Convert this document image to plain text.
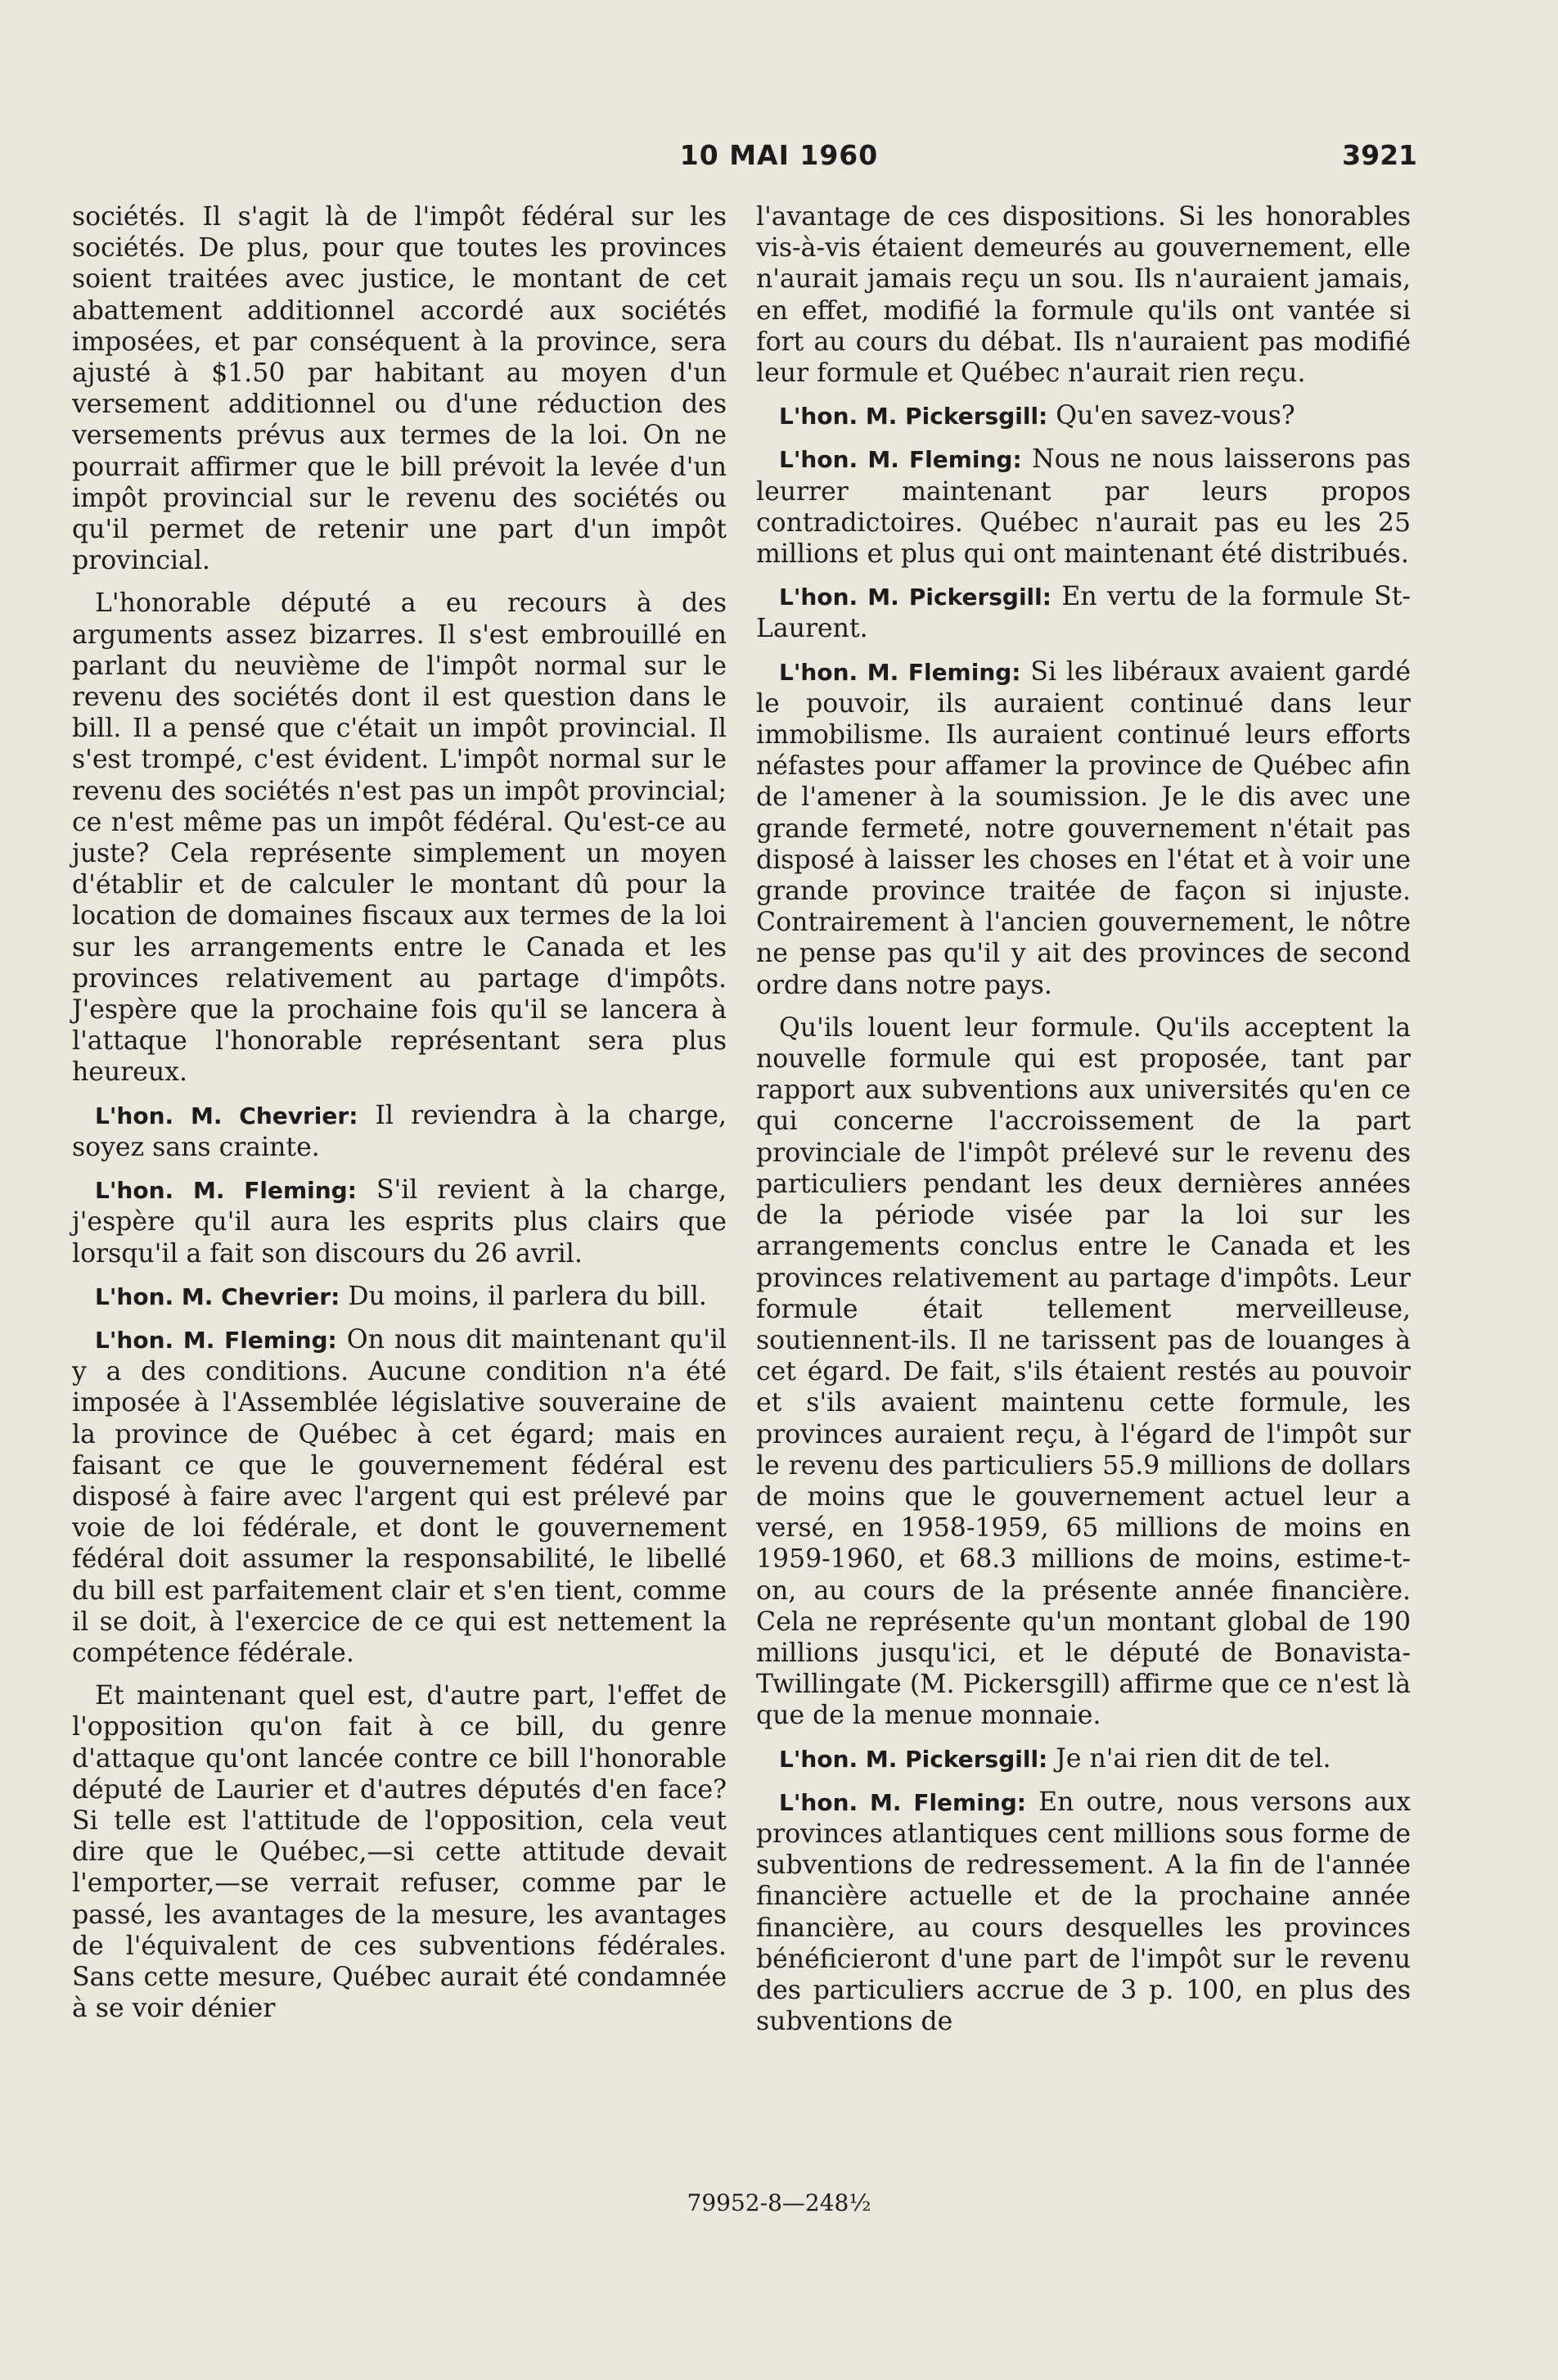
10 MAI 1960	3921

sociétés. Il s'agit là de l'impôt fédéral sur les sociétés. De plus, pour que toutes les provinces soient traitées avec justice, le montant de cet abattement additionnel accordé aux sociétés imposées, et par conséquent à la province, sera ajusté à $1.50 par habitant au moyen d'un versement additionnel ou d'une réduction des versements prévus aux termes de la loi. On ne pourrait affirmer que le bill prévoit la levée d'un impôt provincial sur le revenu des sociétés ou qu'il permet de retenir une part d'un impôt provincial.

L'honorable député a eu recours à des arguments assez bizarres. Il s'est embrouillé en parlant du neuvième de l'impôt normal sur le revenu des sociétés dont il est question dans le bill. Il a pensé que c'était un impôt provincial. Il s'est trompé, c'est évident. L'impôt normal sur le revenu des sociétés n'est pas un impôt provincial; ce n'est même pas un impôt fédéral. Qu'est-ce au juste? Cela représente simplement un moyen d'établir et de calculer le montant dû pour la location de domaines fiscaux aux termes de la loi sur les arrangements entre le Canada et les provinces relativement au partage d'impôts. J'espère que la prochaine fois qu'il se lancera à l'attaque l'honorable représentant sera plus heureux.

L'hon. M. Chevrier: Il reviendra à la charge, soyez sans crainte.

L'hon. M. Fleming: S'il revient à la charge, j'espère qu'il aura les esprits plus clairs que lorsqu'il a fait son discours du 26 avril.

L'hon. M. Chevrier: Du moins, il parlera du bill.

L'hon. M. Fleming: On nous dit maintenant qu'il y a des conditions. Aucune condition n'a été imposée à l'Assemblée législative souveraine de la province de Québec à cet égard; mais en faisant ce que le gouvernement fédéral est disposé à faire avec l'argent qui est prélevé par voie de loi fédérale, et dont le gouvernement fédéral doit assumer la responsabilité, le libellé du bill est parfaitement clair et s'en tient, comme il se doit, à l'exercice de ce qui est nettement la compétence fédérale.

Et maintenant quel est, d'autre part, l'effet de l'opposition qu'on fait à ce bill, du genre d'attaque qu'ont lancée contre ce bill l'honorable député de Laurier et d'autres députés d'en face? Si telle est l'attitude de l'opposition, cela veut dire que le Québec,—si cette attitude devait l'emporter,—se verrait refuser, comme par le passé, les avantages de la mesure, les avantages de l'équivalent de ces subventions fédérales. Sans cette mesure, Québec aurait été condamnée à se voir dénier

l'avantage de ces dispositions. Si les honorables vis-à-vis étaient demeurés au gouvernement, elle n'aurait jamais reçu un sou. Ils n'auraient jamais, en effet, modifié la formule qu'ils ont vantée si fort au cours du débat. Ils n'auraient pas modifié leur formule et Québec n'aurait rien reçu.

L'hon. M. Pickersgill: Qu'en savez-vous?

L'hon. M. Fleming: Nous ne nous laisserons pas leurrer maintenant par leurs propos contradictoires. Québec n'aurait pas eu les 25 millions et plus qui ont maintenant été distribués.

L'hon. M. Pickersgill: En vertu de la formule St-Laurent.

L'hon. M. Fleming: Si les libéraux avaient gardé le pouvoir, ils auraient continué dans leur immobilisme. Ils auraient continué leurs efforts néfastes pour affamer la province de Québec afin de l'amener à la soumission. Je le dis avec une grande fermeté, notre gouvernement n'était pas disposé à laisser les choses en l'état et à voir une grande province traitée de façon si injuste. Contrairement à l'ancien gouvernement, le nôtre ne pense pas qu'il y ait des provinces de second ordre dans notre pays.

Qu'ils louent leur formule. Qu'ils acceptent la nouvelle formule qui est proposée, tant par rapport aux subventions aux universités qu'en ce qui concerne l'accroissement de la part provinciale de l'impôt prélevé sur le revenu des particuliers pendant les deux dernières années de la période visée par la loi sur les arrangements conclus entre le Canada et les provinces relativement au partage d'impôts. Leur formule était tellement merveilleuse, soutiennent-ils. Il ne tarissent pas de louanges à cet égard. De fait, s'ils étaient restés au pouvoir et s'ils avaient maintenu cette formule, les provinces auraient reçu, à l'égard de l'impôt sur le revenu des particuliers 55.9 millions de dollars de moins que le gouvernement actuel leur a versé, en 1958-1959, 65 millions de moins en 1959-1960, et 68.3 millions de moins, estime-t-on, au cours de la présente année financière. Cela ne représente qu'un montant global de 190 millions jusqu'ici, et le député de Bonavista-Twillingate (M. Pickersgill) affirme que ce n'est là que de la menue monnaie.

L'hon. M. Pickersgill: Je n'ai rien dit de tel.

L'hon. M. Fleming: En outre, nous versons aux provinces atlantiques cent millions sous forme de subventions de redressement. A la fin de l'année financière actuelle et de la prochaine année financière, au cours desquelles les provinces bénéficieront d'une part de l'impôt sur le revenu des particuliers accrue de 3 p. 100, en plus des subventions de

79952-8—248½
